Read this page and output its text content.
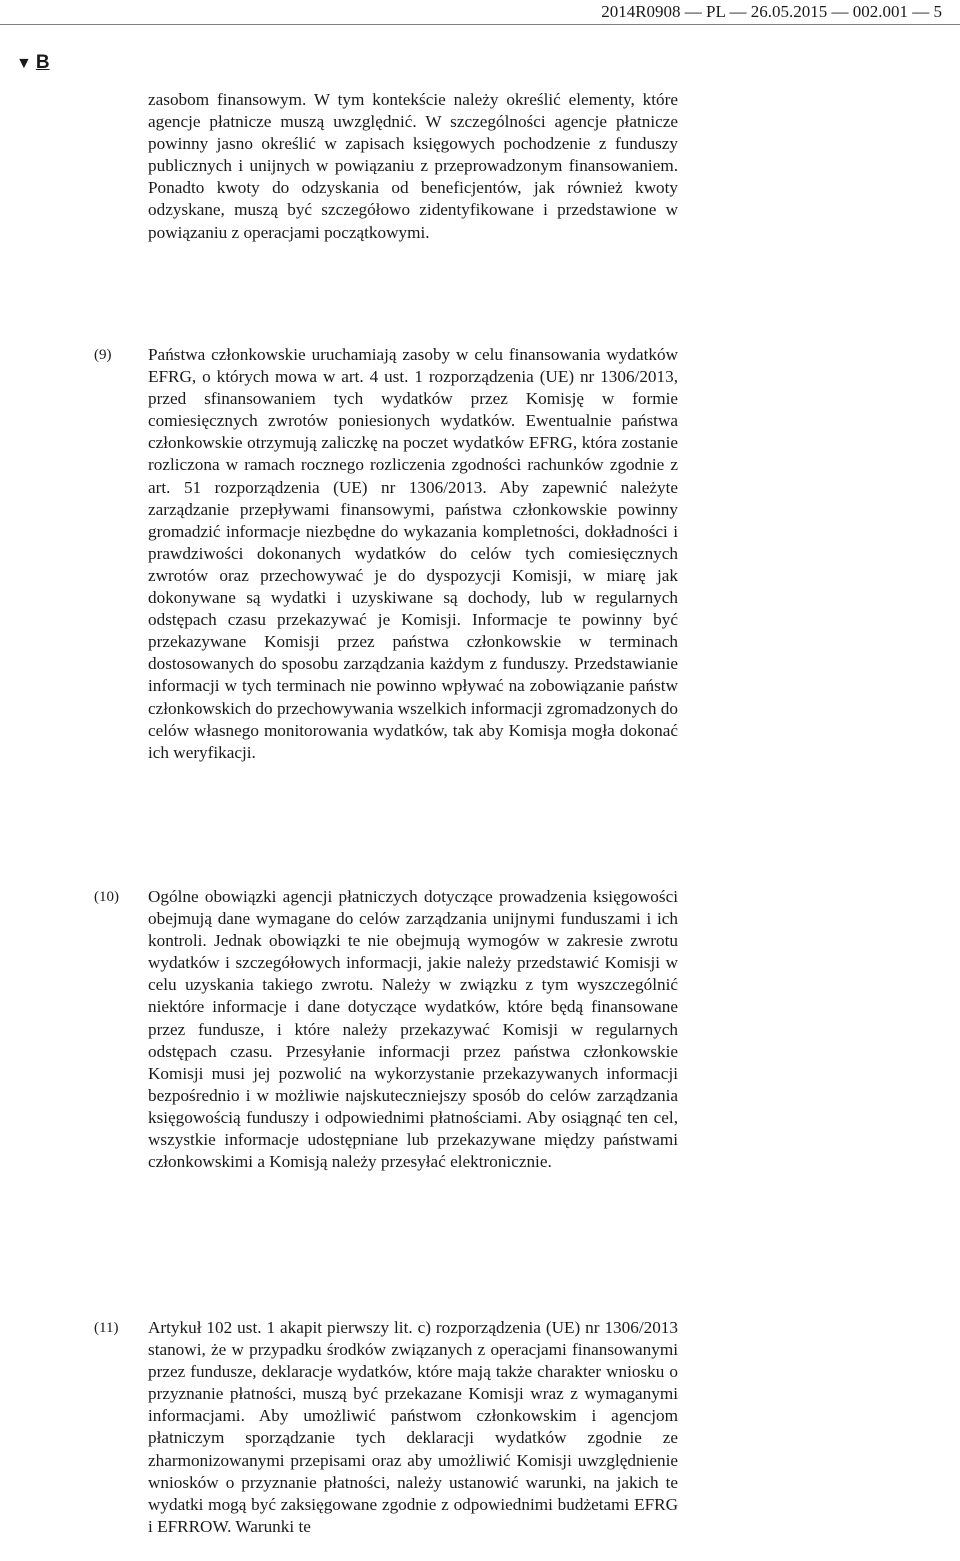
2014R0908 — PL — 26.05.2015 — 002.001 — 5
▼ B
zasobom finansowym. W tym kontekście należy określić elementy, które agencje płatnicze muszą uwzględnić. W szczególności agencje płatnicze powinny jasno określić w zapisach księgowych pochodzenie z funduszy publicznych i unijnych w powiązaniu z przeprowadzonym finansowaniem. Ponadto kwoty do odzyskania od beneficjentów, jak również kwoty odzyskane, muszą być szczegółowo zidentyfikowane i przedstawione w powiązaniu z operacjami początkowymi.
(9) Państwa członkowskie uruchamiają zasoby w celu finansowania wydatków EFRG, o których mowa w art. 4 ust. 1 rozporządzenia (UE) nr 1306/2013, przed sfinansowaniem tych wydatków przez Komisję w formie comiesięcznych zwrotów poniesionych wydatków. Ewentualnie państwa członkowskie otrzymują zaliczkę na poczet wydatków EFRG, która zostanie rozliczona w ramach rocznego rozliczenia zgodności rachunków zgodnie z art. 51 rozporządzenia (UE) nr 1306/2013. Aby zapewnić należyte zarządzanie przepływami finansowymi, państwa członkowskie powinny gromadzić informacje niezbędne do wykazania kompletności, dokładności i prawdziwości dokonanych wydatków do celów tych comiesięcznych zwrotów oraz przechowywać je do dyspozycji Komisji, w miarę jak dokonywane są wydatki i uzyskiwane są dochody, lub w regularnych odstępach czasu przekazywać je Komisji. Informacje te powinny być przekazywane Komisji przez państwa członkowskie w terminach dostosowanych do sposobu zarządzania każdym z funduszy. Przedstawianie informacji w tych terminach nie powinno wpływać na zobowiązanie państw członkowskich do przechowywania wszelkich informacji zgromadzonych do celów własnego monitorowania wydatków, tak aby Komisja mogła dokonać ich weryfikacji.
(10) Ogólne obowiązki agencji płatniczych dotyczące prowadzenia księgowości obejmują dane wymagane do celów zarządzania unijnymi funduszami i ich kontroli. Jednak obowiązki te nie obejmują wymogów w zakresie zwrotu wydatków i szczegółowych informacji, jakie należy przedstawić Komisji w celu uzyskania takiego zwrotu. Należy w związku z tym wyszczególnić niektóre informacje i dane dotyczące wydatków, które będą finansowane przez fundusze, i które należy przekazywać Komisji w regularnych odstępach czasu. Przesyłanie informacji przez państwa członkowskie Komisji musi jej pozwolić na wykorzystanie przekazywanych informacji bezpośrednio i w możliwie najskuteczniejszy sposób do celów zarządzania księgowością funduszy i odpowiednimi płatnościami. Aby osiągnąć ten cel, wszystkie informacje udostępniane lub przekazywane między państwami członkowskimi a Komisją należy przesyłać elektronicznie.
(11) Artykuł 102 ust. 1 akapit pierwszy lit. c) rozporządzenia (UE) nr 1306/2013 stanowi, że w przypadku środków związanych z operacjami finansowanymi przez fundusze, deklaracje wydatków, które mają także charakter wniosku o przyznanie płatności, muszą być przekazane Komisji wraz z wymaganymi informacjami. Aby umożliwić państwom członkowskim i agencjom płatniczym sporządzanie tych deklaracji wydatków zgodnie ze zharmonizowanymi przepisami oraz aby umożliwić Komisji uwzględnienie wniosków o przyznanie płatności, należy ustanowić warunki, na jakich te wydatki mogą być zaksięgowane zgodnie z odpowiednimi budżetami EFRG i EFRROW. Warunki te
